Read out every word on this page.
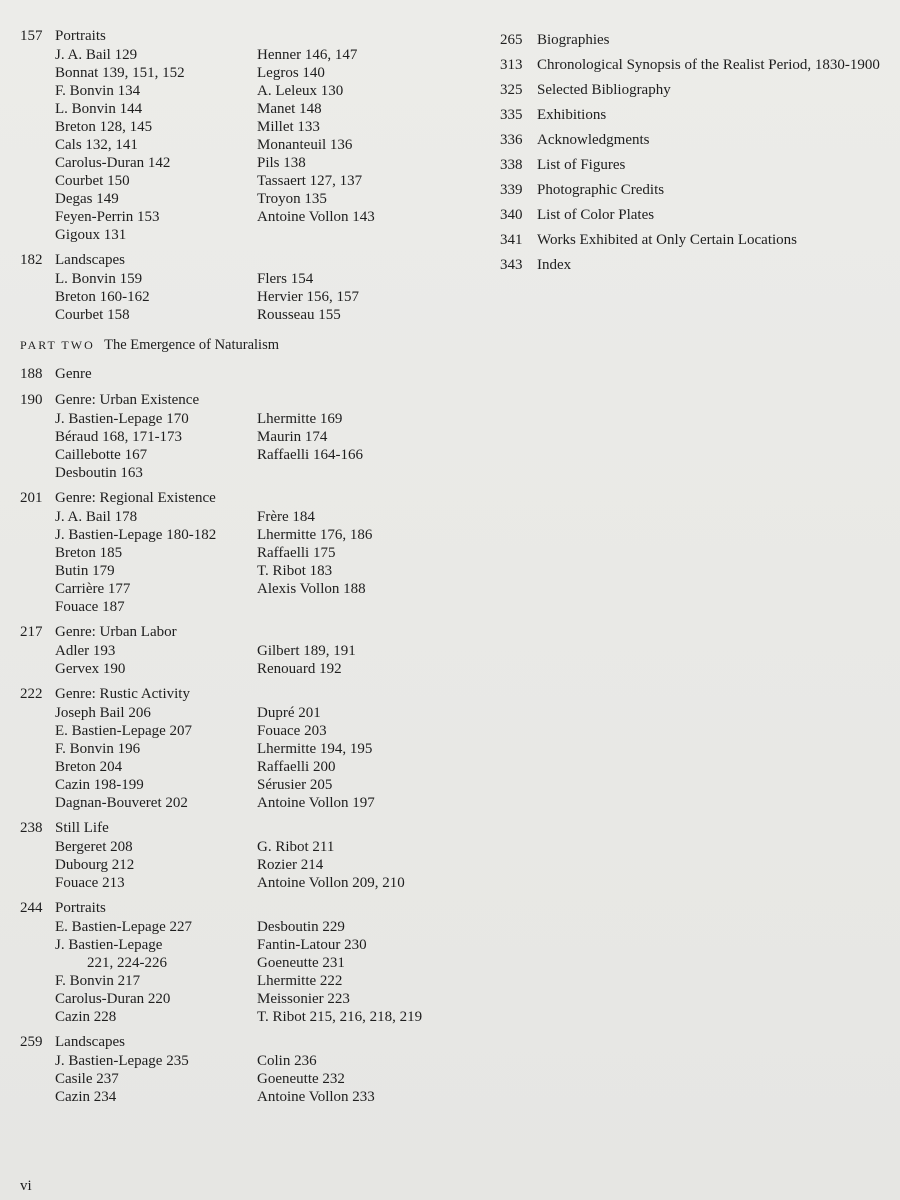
157 Portraits
J. A. Bail 129
Bonnat 139, 151, 152
F. Bonvin 134
L. Bonvin 144
Breton 128, 145
Cals 132, 141
Carolus-Duran 142
Courbet 150
Degas 149
Feyen-Perrin 153
Gigoux 131
Henner 146, 147
Legros 140
A. Leleux 130
Manet 148
Millet 133
Monanteuil 136
Pils 138
Tassaert 127, 137
Troyon 135
Antoine Vollon 143
182 Landscapes
L. Bonvin 159
Breton 160-162
Courbet 158
Flers 154
Hervier 156, 157
Rousseau 155
PART TWO The Emergence of Naturalism
188 Genre
190 Genre: Urban Existence
J. Bastien-Lepage 170
Béraud 168, 171-173
Caillebotte 167
Desboutin 163
Lhermitte 169
Maurin 174
Raffaelli 164-166
201 Genre: Regional Existence
J. A. Bail 178
J. Bastien-Lepage 180-182
Breton 185
Butin 179
Carrière 177
Fouace 187
Frère 184
Lhermitte 176, 186
Raffaelli 175
T. Ribot 183
Alexis Vollon 188
217 Genre: Urban Labor
Adler 193
Gervex 190
Gilbert 189, 191
Renouard 192
222 Genre: Rustic Activity
Joseph Bail 206
E. Bastien-Lepage 207
F. Bonvin 196
Breton 204
Cazin 198-199
Dagnan-Bouveret 202
Dupré 201
Fouace 203
Lhermitte 194, 195
Raffaelli 200
Sérusier 205
Antoine Vollon 197
238 Still Life
Bergeret 208
Dubourg 212
Fouace 213
G. Ribot 211
Rozier 214
Antoine Vollon 209, 210
244 Portraits
E. Bastien-Lepage 227
J. Bastien-Lepage
221, 224-226
F. Bonvin 217
Carolus-Duran 220
Cazin 228
Desboutin 229
Fantin-Latour 230
Goeneutte 231
Lhermitte 222
Meissonier 223
T. Ribot 215, 216, 218, 219
259 Landscapes
J. Bastien-Lepage 235
Casile 237
Cazin 234
Colin 236
Goeneutte 232
Antoine Vollon 233
265 Biographies
313 Chronological Synopsis of the Realist Period, 1830-1900
325 Selected Bibliography
335 Exhibitions
336 Acknowledgments
338 List of Figures
339 Photographic Credits
340 List of Color Plates
341 Works Exhibited at Only Certain Locations
343 Index
vi
